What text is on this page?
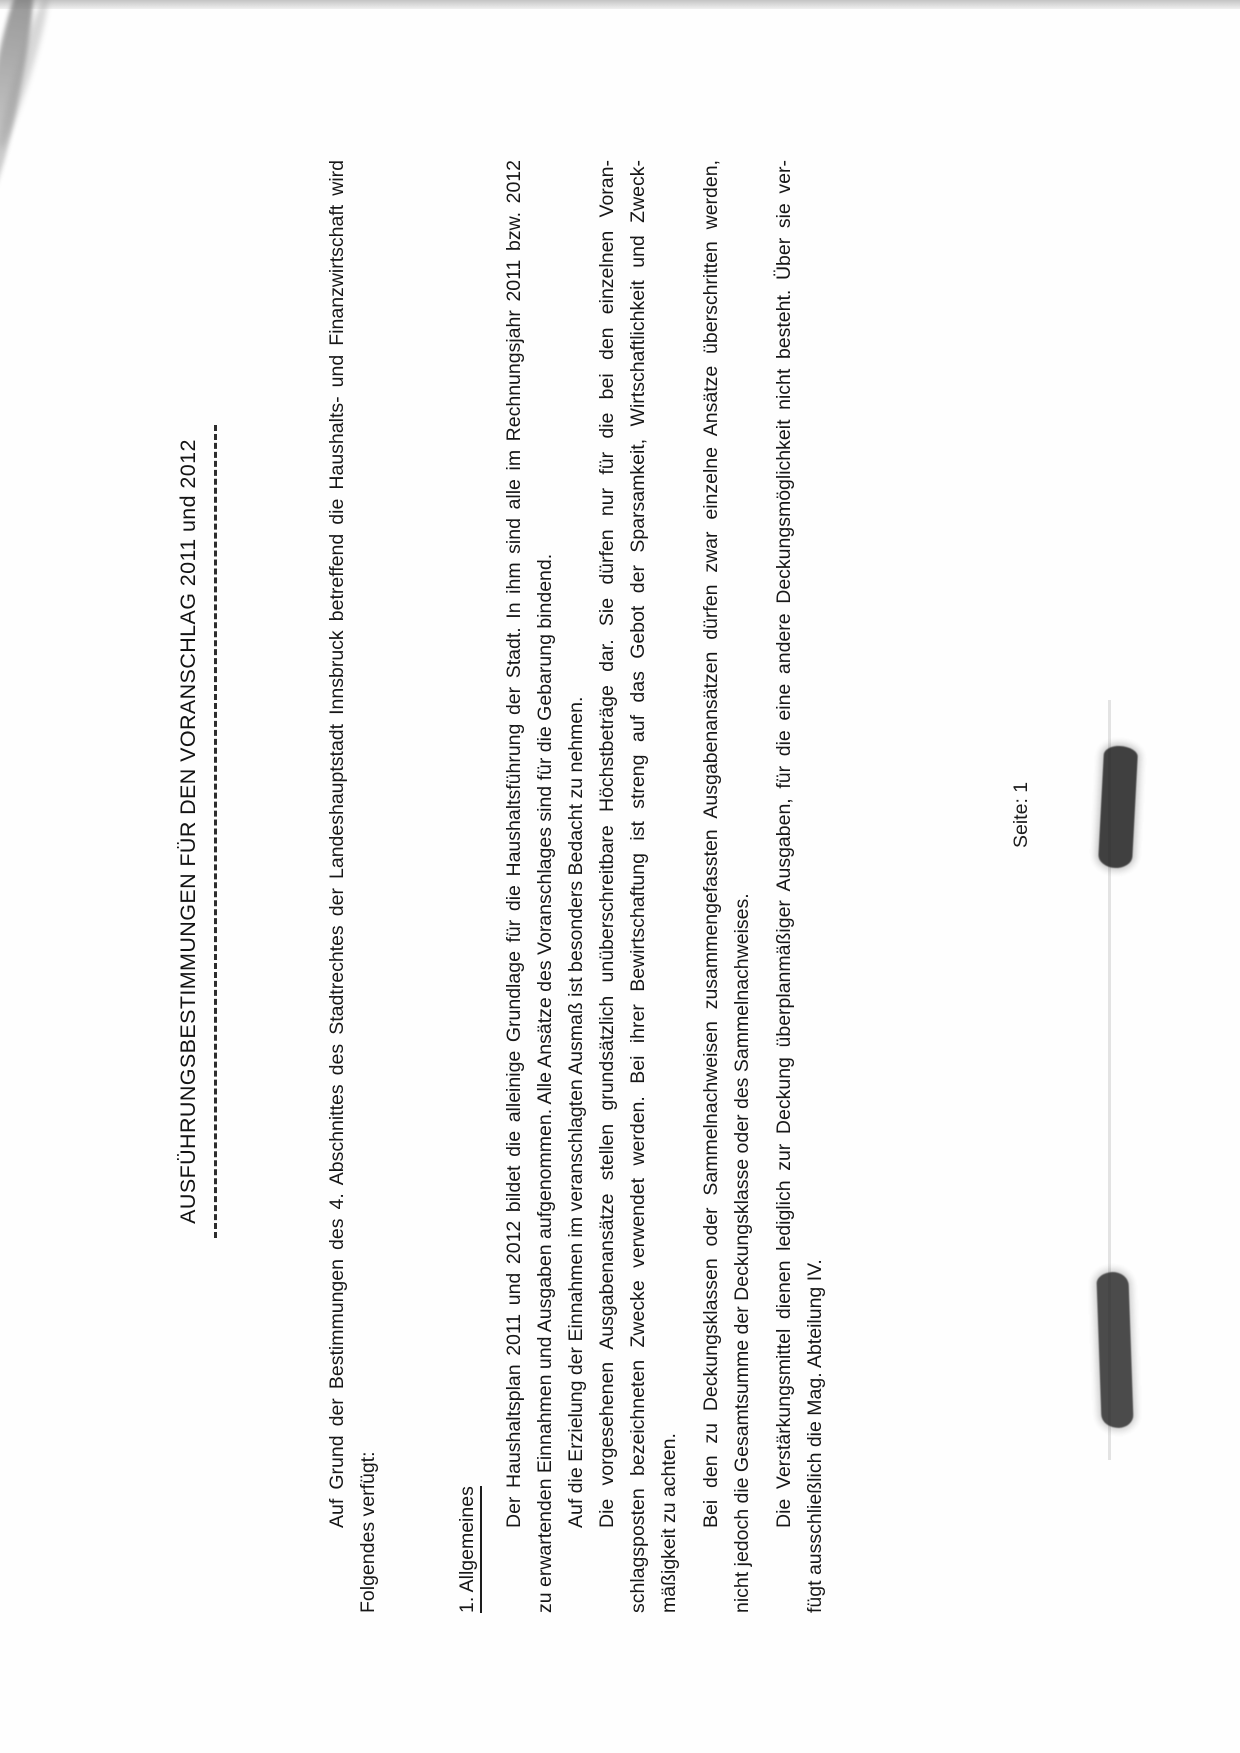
AUSFÜHRUNGSBESTIMMUNGEN FÜR DEN VORANSCHLAG 2011 und 2012	Auf Grund der Bestimmungen des 4. Abschnittes des Stadtrechtes der Landeshauptstadt Innsbruck betreffend die Haushalts- und Finanzwirtschaft wird
Folgendes verfügt:	1. Allgemeines
Der Haushaltsplan 2011 und 2012 bildet die alleinige Grundlage für die Haushaltsführung der Stadt. In ihm sind alle im Rechnungsjahr 2011 bzw. 2012 zu erwartenden Einnahmen und Ausgaben aufgenommen. Alle Ansätze des Voranschlages sind für die Gebarung bindend. Auf die Erzielung der Einnahmen im veranschlagten Ausmaß ist besonders Bedacht zu nehmen. Die vorgesehenen Ausgabenansätze stellen grundsätzlich unüberschreitbare Höchstbeträge dar. Sie dürfen nur für die bei den einzelnen Voran- schlagsposten bezeichneten Zwecke verwendet werden. Bei ihrer Bewirtschaftung ist streng auf das Gebot der Sparsamkeit, Wirtschaftlichkeit und Zweck- mäßigkeit zu achten. Bei den zu Deckungsklassen oder Sammelnachweisen zusammengefassten Ausgabenansätzen dürfen zwar einzelne Ansätze überschritten werden, nicht jedoch die Gesamtsumme der Deckungsklasse oder des Sammelnachweises. Die Verstärkungsmittel dienen lediglich zur Deckung überplanmäßiger Ausgaben, für die eine andere Deckungsmöglichkeit nicht besteht. Über sie ver- fügt ausschließlich die Mag. Abteilung IV.
Seite: 1
